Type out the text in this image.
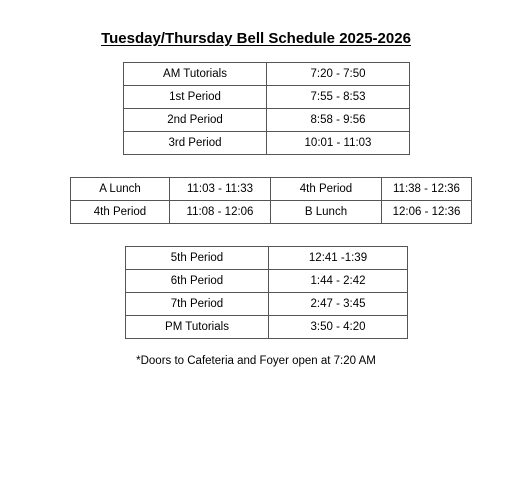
Tuesday/Thursday Bell Schedule 2025-2026
AM Tutorials	7:20 - 7:50
1st Period	7:55 - 8:53
2nd Period	8:58 - 9:56
3rd Period	10:01 - 11:03
A Lunch	11:03 - 11:33	4th Period	11:38 - 12:36
4th Period	11:08 - 12:06	B Lunch	12:06 - 12:36
5th Period	12:41 -1:39
6th Period	1:44 - 2:42
7th Period	2:47 - 3:45
PM Tutorials	3:50 - 4:20
*Doors to Cafeteria and Foyer open at 7:20 AM
